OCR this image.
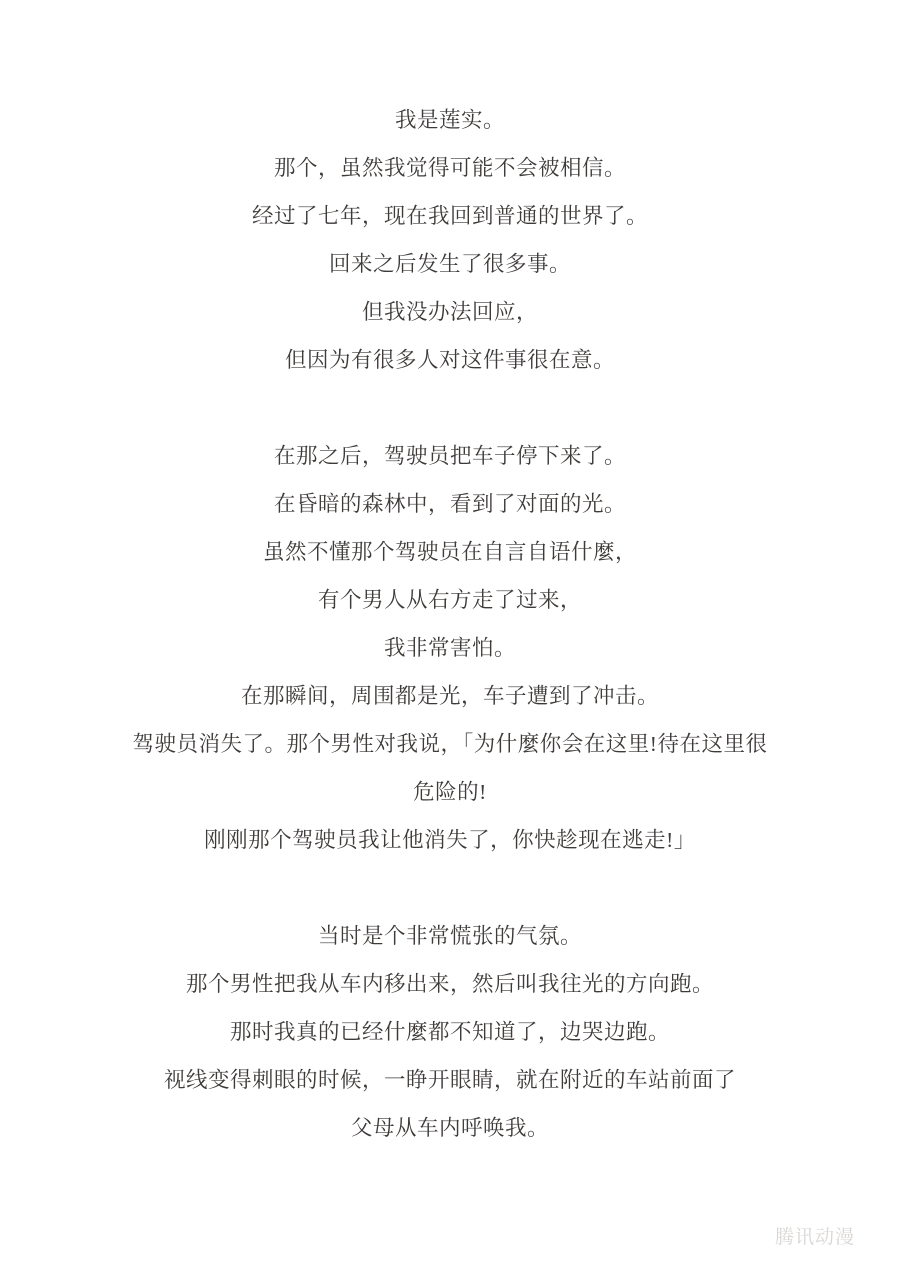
我是莲实。
那个，虽然我觉得可能不会被相信。
经过了七年，现在我回到普通的世界了。
回来之后发生了很多事。
但我没办法回应，
但因为有很多人对这件事很在意。
在那之后，驾驶员把车子停下来了。
在昏暗的森林中，看到了对面的光。
虽然不懂那个驾驶员在自言自语什麼，
有个男人从右方走了过来，
我非常害怕。
在那瞬间，周围都是光，车子遭到了冲击。
驾驶员消失了。那个男性对我说，「为什麼你会在这里!待在这里很
危险的!
刚刚那个驾驶员我让他消失了，你快趁现在逃走!」
当时是个非常慌张的气氛。
那个男性把我从车内移出来，然后叫我往光的方向跑。
那时我真的已经什麼都不知道了，边哭边跑。
视线变得刺眼的时候，一睁开眼睛，就在附近的车站前面了
父母从车内呼唤我。
腾讯动漫
